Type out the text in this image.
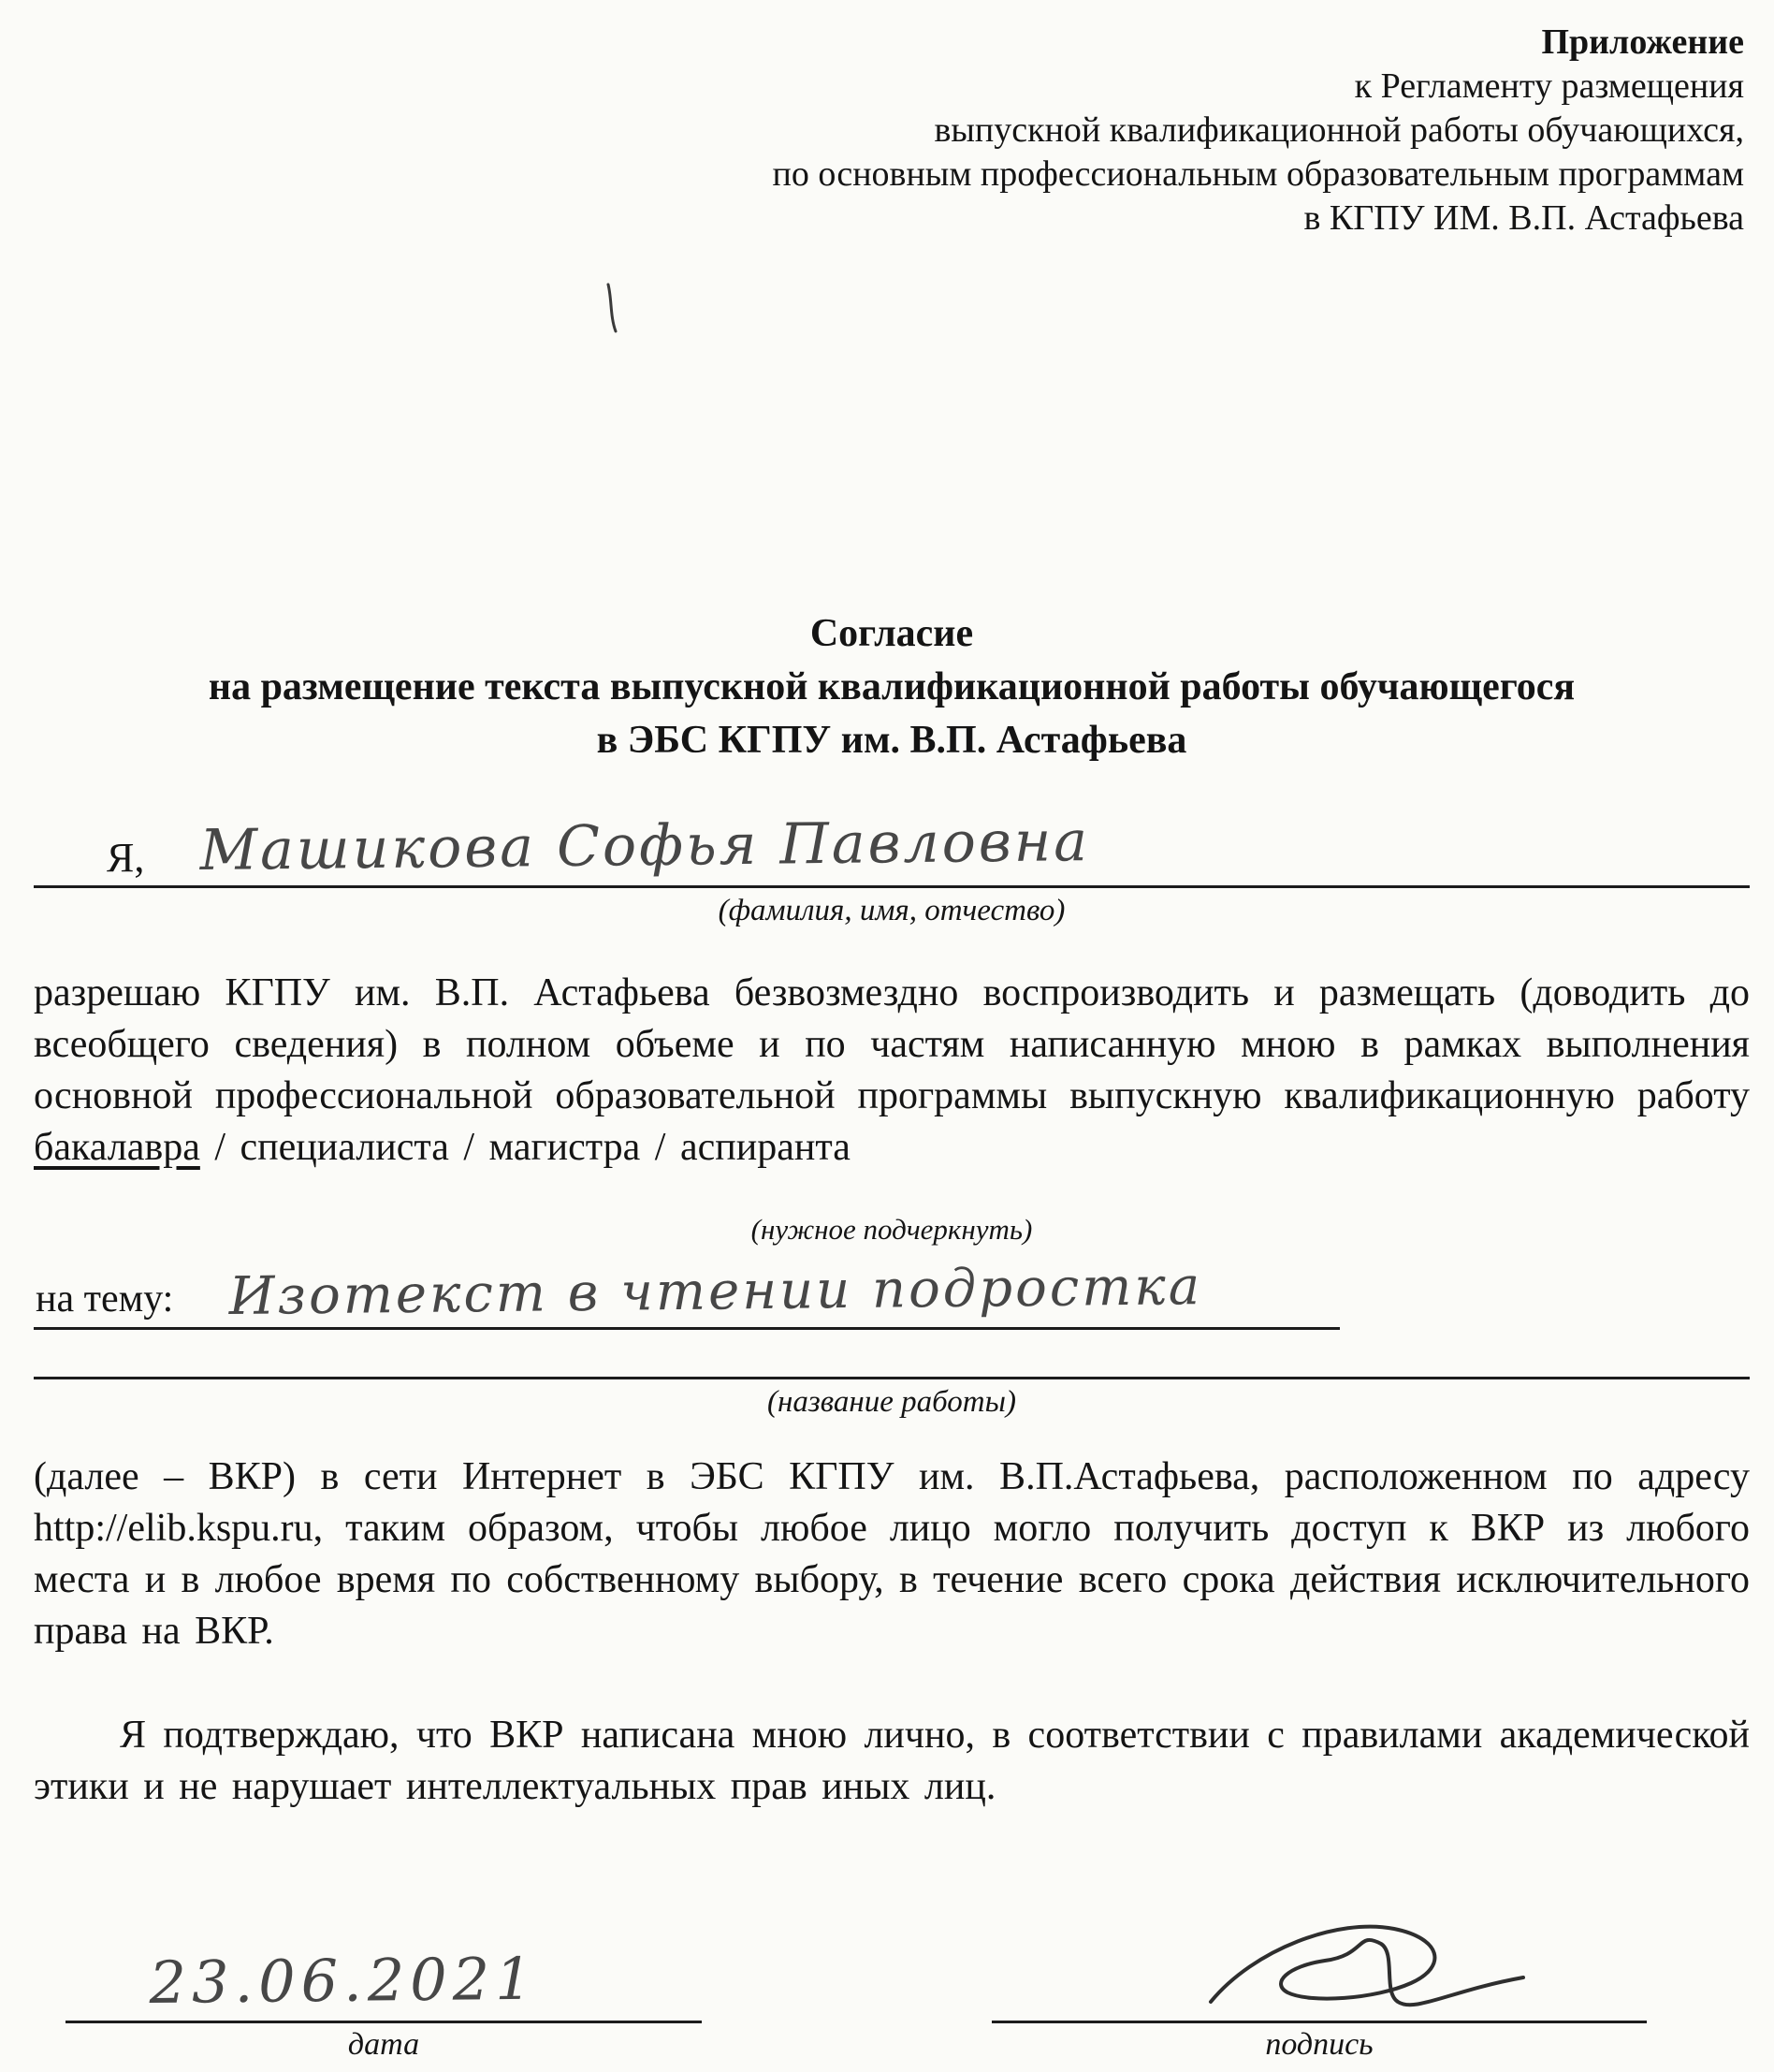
Приложение
к Регламенту размещения
выпускной квалификационной работы обучающихся,
по основным профессиональным образовательным программам
в КГПУ ИМ. В.П. Астафьева
Согласие
на размещение текста выпускной квалификационной работы обучающегося
в ЭБС КГПУ им. В.П. Астафьева
Я, Машикова Софья Павловна
(фамилия, имя, отчество)

разрешаю КГПУ им. В.П. Астафьева безвозмездно воспроизводить и размещать (доводить до всеобщего сведения) в полном объеме и по частям написанную мною в рамках выполнения основной профессиональной образовательной программы выпускную квалификационную работу бакалавра / специалиста / магистра / аспиранта

(нужное подчеркнуть)
на тему: Изотекст в чтении подростка
(название работы)

(далее – ВКР) в сети Интернет в ЭБС КГПУ им. В.П.Астафьева, расположенном по адресу http://elib.kspu.ru, таким образом, чтобы любое лицо могло получить доступ к ВКР из любого места и в любое время по собственному выбору, в течение всего срока действия исключительного права на ВКР.

Я подтверждаю, что ВКР написана мною лично, в соответствии с правилами академической этики и не нарушает интеллектуальных прав иных лиц.

23.06.2021
дата	подпись
